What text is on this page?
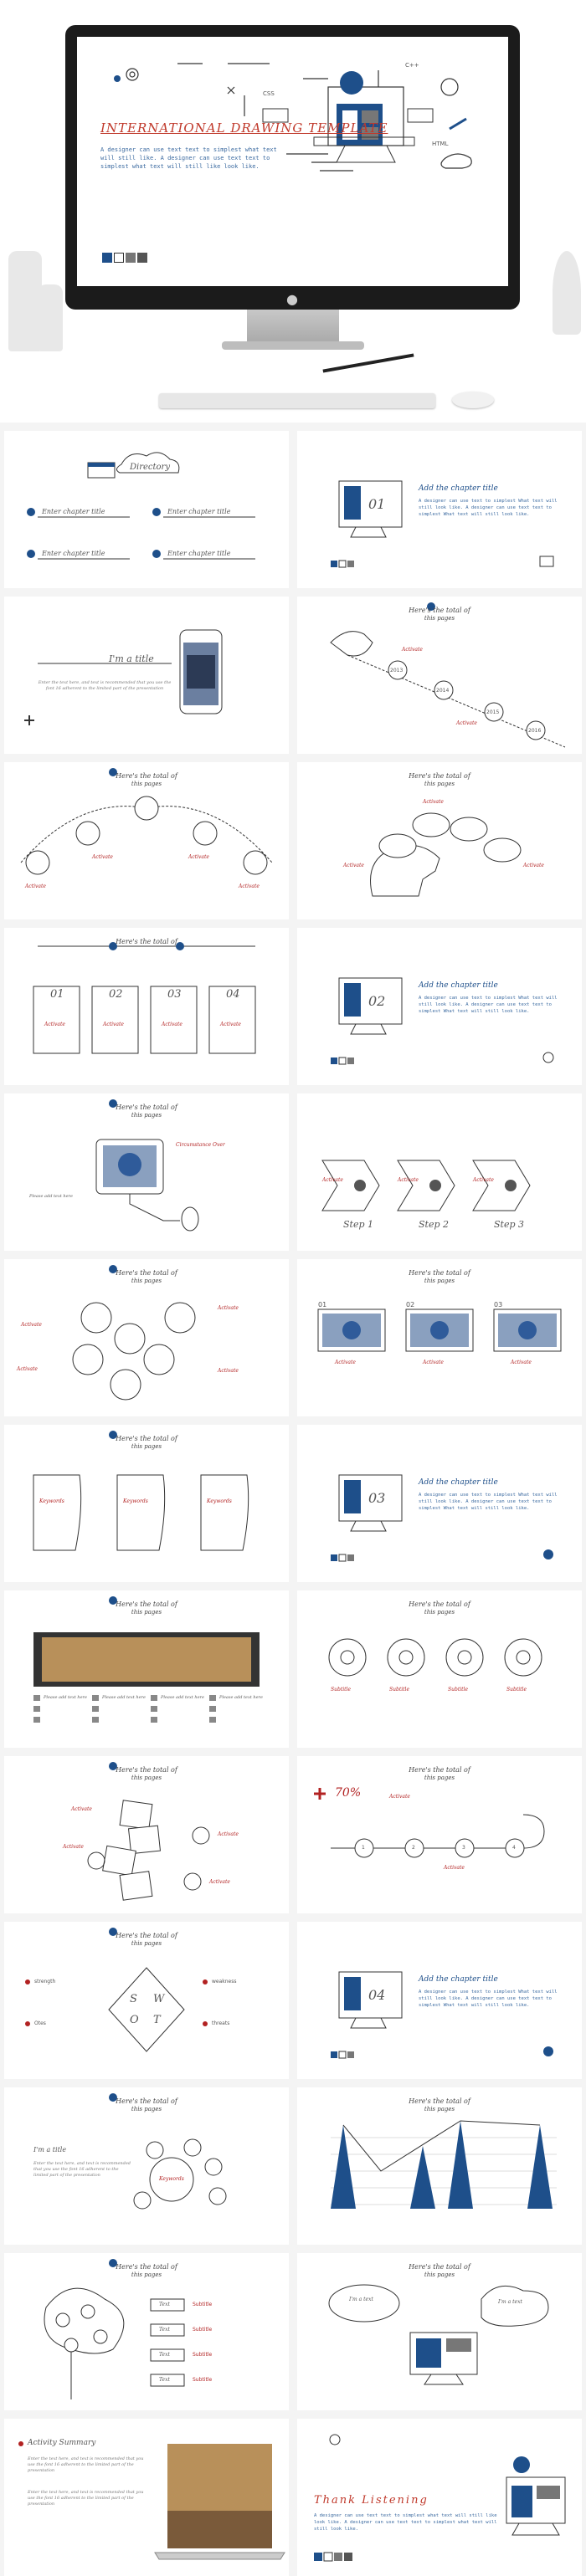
CSS
HTML
C++
INTERNATIONAL DRAWING TEMPLATE
A designer can use text text to simplest what text will still like. A designer can use text text to simplest what text will still like look like.
●
Directory
Enter chapter title	Enter chapter title
Enter chapter title	Enter chapter title
01
Add the chapter title
A designer can use text to simplest What text will still look like. A designer can use text text to simplest What text will still look like.
I'm a title
Enter the text here, and text is recommended that you use the font 16 adherent to the limited part of the presentation
Here's the total of
this pages
2013
2014
2015
2016
Activate
Activate
Here's the total of
this pages
Activate
Activate	Activate
Activate
Here's the total of
this pages
Activate	Activate
Activate
Here's the total of
01	02	03	04
Activate	Activate	Activate	Activate
02
Add the chapter title
A designer can use text to simplest What text will still look like. A designer can use text text to simplest What text will still look like.
Here's the total of
this pages
Circumstance Over
Please add text here
Step 1	Step 2	Step 3
Activate	Activate	Activate
Here's the total of
this pages
Activate
Activate
Activate	Activate
Here's the total of
this pages
01	02	03
Activate	Activate	Activate
Here's the total of
this pages
Keywords	Keywords	Keywords	03
Add the chapter title
A designer can use text to simplest What text will still look like. A designer can use text text to simplest What text will still look like.
Here's the total of
this pages
Please add text here	Please add text here	Please add text here	Please add text here
Here's the total of
this pages
Subtitle	Subtitle	Subtitle	Subtitle
Here's the total of
this pages
Activate
Activate
Activate
Activate
Here's the total of
this pages
70%
1	2	3	4
Activate
Activate
Here's the total of
this pages
S W
O T
strength	weakness
Otes	threats
04
Add the chapter title
A designer can use text to simplest What text will still look like. A designer can use text text to simplest What text will still look like.
Here's the total of
this pages
I'm a title
Enter the text here, and text is recommended that you use the font 16 adherent to the limited part of the presentation
Keywords
Here's the total of
this pages
Here's the total of
this pages
Text
Text
Text
Text
Subtitle
Subtitle
Subtitle
Subtitle
Here's the total of
this pages
I'm a text	I'm a text
Activity Summary
Enter the text here, and text is recommended that you use the font 16 adherent to the limited part of the presentation
Enter the text here, and text is recommended that you use the font 16 adherent to the limited part of the presentation	Thank Listening
A designer can use text text to simplest what text will still like look like. A designer can use text text to simplest what text will still look like.
